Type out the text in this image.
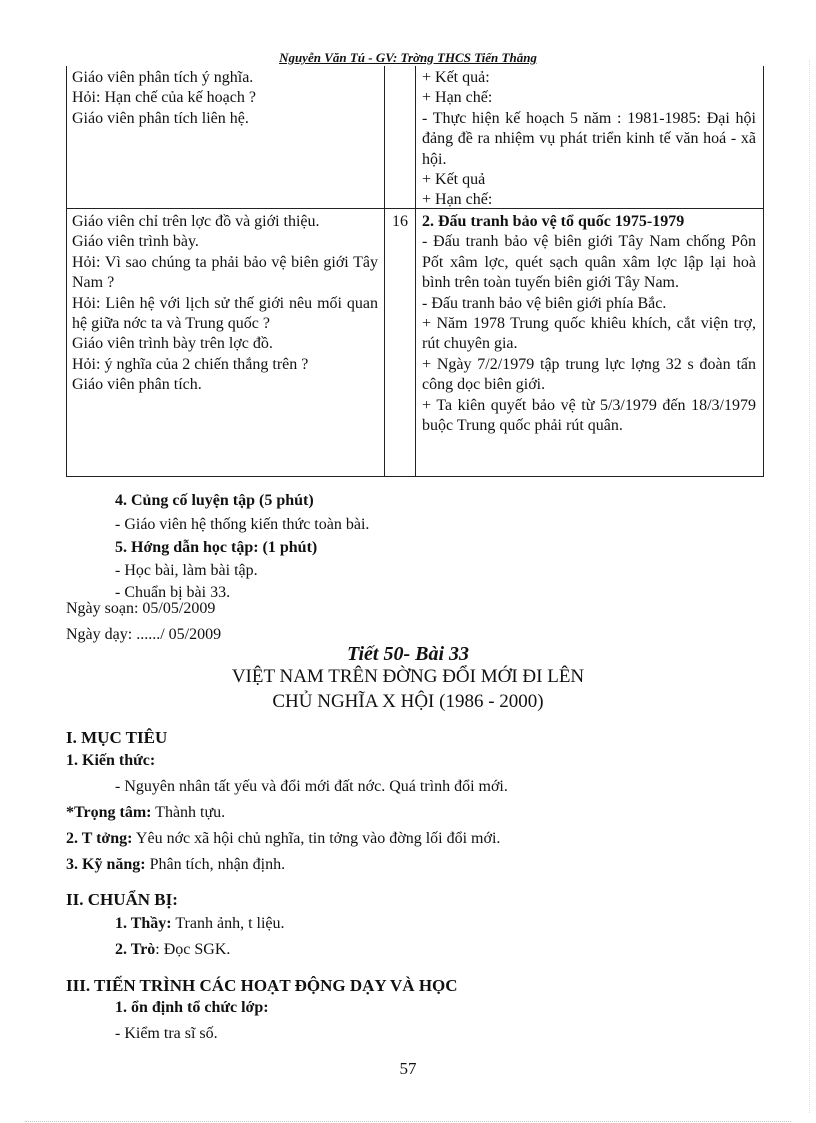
Nguyễn Văn Tú - GV: Trờng THCS Tiến Thắng

Giáo viên phân tích ý nghĩa.

Hỏi: Hạn chế của kế hoạch ?

Giáo viên phân tích liên hệ.

+ Kết quả:

+ Hạn chế:

- Thực hiện kế hoạch 5 năm : 1981-1985: Đại hội đảng đề ra nhiệm vụ phát triển kinh tế văn hoá - xã hội.

+ Kết quả

+ Hạn chế:

Giáo viên chỉ trên lợc đồ và giới thiệu.

Giáo viên trình bày.

Hỏi: Vì sao chúng ta phải bảo vệ biên giới Tây Nam ?

Hỏi: Liên hệ với lịch sử thế giới nêu mối quan hệ giữa nớc ta và Trung quốc ?

Giáo viên trình bày trên lợc đồ.

Hỏi: ý nghĩa của 2 chiến thắng trên ?

Giáo viên phân tích.

16 2. Đấu tranh bảo vệ tổ quốc 1975-1979

- Đấu tranh bảo vệ biên giới Tây Nam chống Pôn Pốt xâm lợc, quét sạch quân xâm lợc lập lại hoà bình trên toàn tuyến biên giới Tây Nam.

- Đấu tranh bảo vệ biên giới phía Bắc.

+ Năm 1978 Trung quốc khiêu khích, cắt viện trợ, rút chuyên gia.

+ Ngày 7/2/1979 tập trung lực lợng 32 s đoàn tấn công dọc biên giới.

+ Ta kiên quyết bảo vệ từ 5/3/1979 đến 18/3/1979 buộc Trung quốc phải rút quân.

4. Củng cố luyện tập (5 phút)
- Giáo viên hệ thống kiến thức toàn bài.
5. Hớng dẫn học tập: (1 phút)
- Học bài, làm bài tập.
- Chuẩn bị bài 33.
Ngày soạn: 05/05/2009
Ngày dạy: ....../ 05/2009
Tiết 50- Bài 33
VIỆT NAM TRÊN ĐỜNG ĐỔI MỚI ĐI LÊN
CHỦ NGHĨA X HỘI (1986 - 2000)
I. MỤC TIÊU
1. Kiến thức:
- Nguyên nhân tất yếu và đổi mới đất nớc. Quá trình đổi mới.
*Trọng tâm: Thành tựu.
2. T tởng: Yêu nớc xã hội chủ nghĩa, tin tởng vào đờng lối đổi mới.
3. Kỹ năng: Phân tích, nhận định.
II. CHUẨN BỊ:
1. Thầy: Tranh ảnh, t liệu.
2. Trò: Đọc SGK.
III. TIẾN TRÌNH CÁC HOẠT ĐỘNG DẠY VÀ HỌC
1. ổn định tổ chức lớp:
- Kiểm tra sĩ số.
57
